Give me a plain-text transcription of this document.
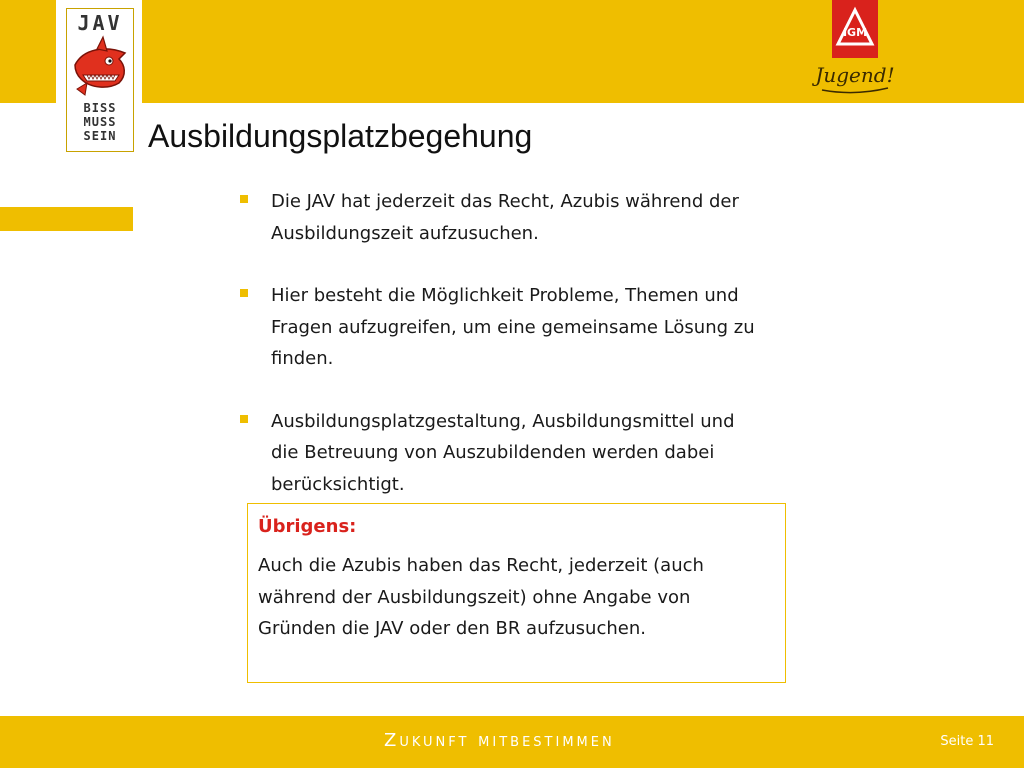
JAV
BISS
MUSS
SEIN
IGM
Jugend!
Ausbildungsplatzbegehung
Die JAV hat jederzeit das Recht, Azubis während der Ausbildungszeit aufzusuchen.
Hier besteht die Möglichkeit Probleme, Themen und Fragen aufzugreifen, um eine gemeinsame Lösung zu finden.
Ausbildungsplatzgestaltung, Ausbildungsmittel und die Betreuung von Auszubildenden werden dabei berücksichtigt.

Übrigens:

Auch die Azubis haben das Recht, jederzeit (auch während der Ausbildungszeit) ohne Angabe von Gründen die JAV oder den BR aufzusuchen.

Zukunft mitbestimmen	Seite 11
